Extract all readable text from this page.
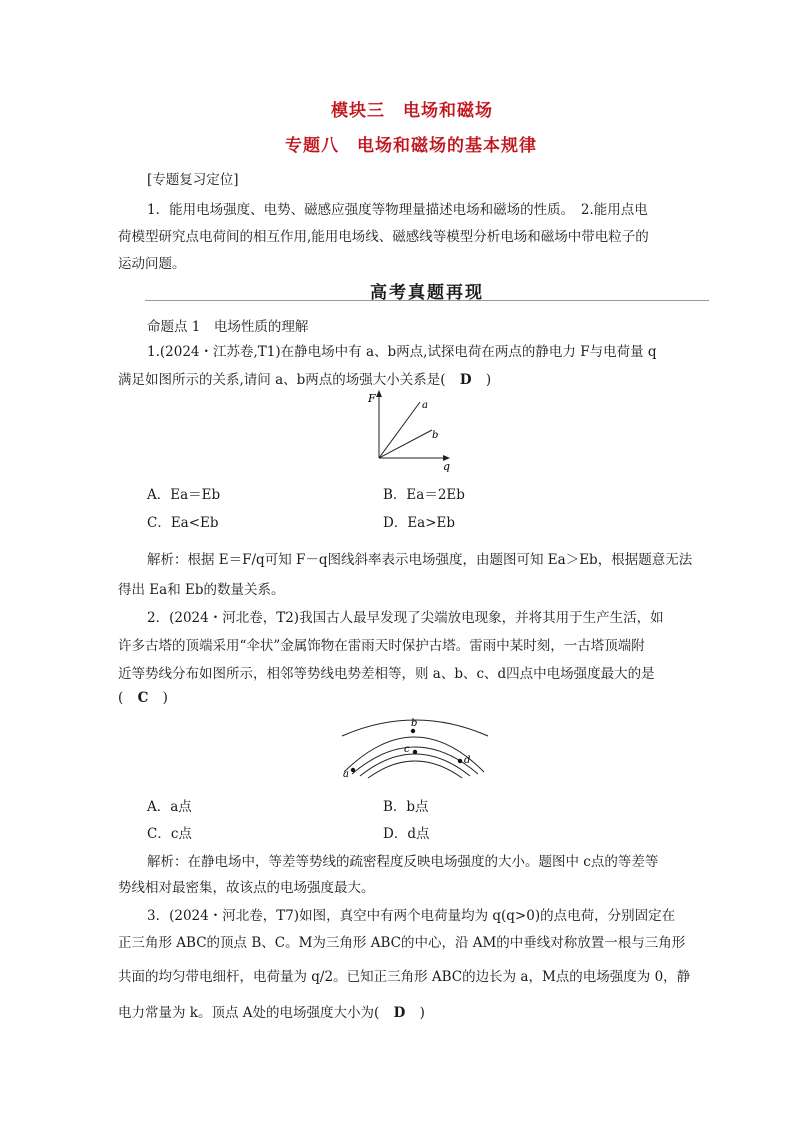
模块三　电场和磁场
专题八　电场和磁场的基本规律
[专题复习定位]
1．能用电场强度、电势、磁感应强度等物理量描述电场和磁场的性质。　2.能用点电
荷模型研究点电荷间的相互作用,能用电场线、磁感线等模型分析电场和磁场中带电粒子的
运动问题。
高考真题再现
命题点 1　电场性质的理解
1.(2024・江苏卷,T1)在静电场中有 a、b两点,试探电荷在两点的静电力 F与电荷量 q
满足如图所示的关系,请问 a、b两点的场强大小关系是( D )
F
q
a
b
A．Ea＝Eb	B．Ea＝2Eb
C．Ea<Eb	D．Ea>Eb
解析：根据 E＝F/q可知 F－q图线斜率表示电场强度，由题图可知 Ea＞Eb，根据题意无法
得出 Ea和 Eb的数量关系。
2．(2024・河北卷，T2)我国古人最早发现了尖端放电现象，并将其用于生产生活，如
许多古塔的顶端采用“伞状”金属饰物在雷雨天时保护古塔。雷雨中某时刻，一古塔顶端附
近等势线分布如图所示，相邻等势线电势差相等，则 a、b、c、d四点中电场强度最大的是
( C )
b
c
a
d
A．a点	B．b点
C．c点	D．d点
解析：在静电场中，等差等势线的疏密程度反映电场强度的大小。题图中 c点的等差等
势线相对最密集，故该点的电场强度最大。
3．(2024・河北卷，T7)如图，真空中有两个电荷量均为 q(q>0)的点电荷，分别固定在
正三角形 ABC的顶点 B、C。M为三角形 ABC的中心，沿 AM的中垂线对称放置一根与三角形
共面的均匀带电细杆，电荷量为 q/2。已知正三角形 ABC的边长为 a，M点的电场强度为 0，静
电力常量为 k。顶点 A处的电场强度大小为( D )
